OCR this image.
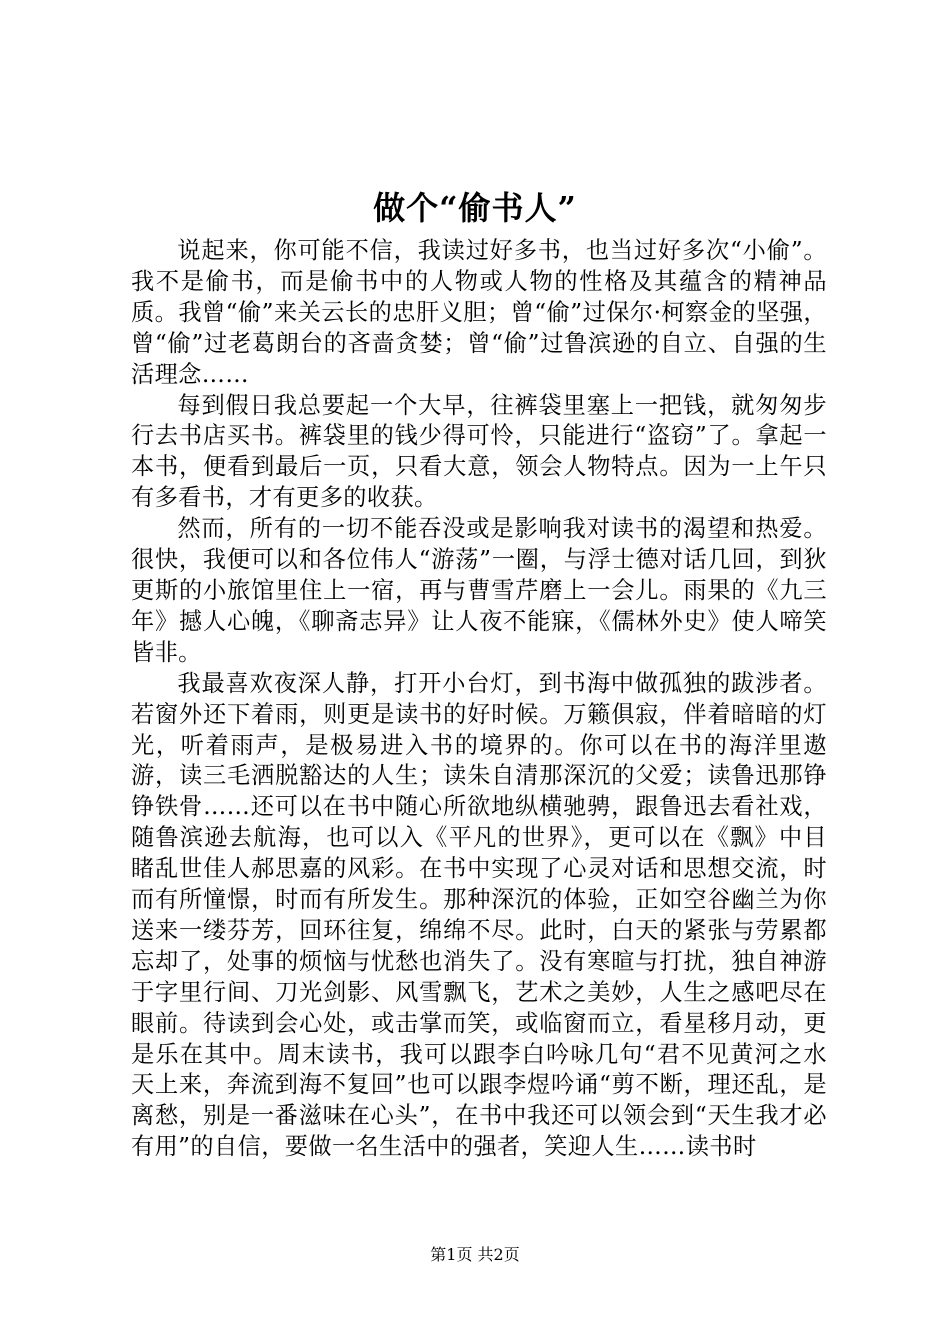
做个“偷书人”

说起来，你可能不信，我读过好多书，也当过好多次“小偷”。我不是偷书，而是偷书中的人物或人物的性格及其蕴含的精神品质。我曾“偷”来关云长的忠肝义胆；曾“偷”过保尔·柯察金的坚强，曾“偷”过老葛朗台的吝啬贪婪；曾“偷”过鲁滨逊的自立、自强的生活理念……

每到假日我总要起一个大早，往裤袋里塞上一把钱，就匆匆步行去书店买书。裤袋里的钱少得可怜，只能进行“盗窃”了。拿起一本书，便看到最后一页，只看大意，领会人物特点。因为一上午只有多看书，才有更多的收获。

然而，所有的一切不能吞没或是影响我对读书的渴望和热爱。很快，我便可以和各位伟人“游荡”一圈，与浮士德对话几回，到狄更斯的小旅馆里住上一宿，再与曹雪芹磨上一会儿。雨果的《九三年》撼人心魄，《聊斋志异》让人夜不能寐，《儒林外史》使人啼笑皆非。

我最喜欢夜深人静，打开小台灯，到书海中做孤独的跋涉者。若窗外还下着雨，则更是读书的好时候。万籁俱寂，伴着暗暗的灯光，听着雨声，是极易进入书的境界的。你可以在书的海洋里遨游，读三毛洒脱豁达的人生；读朱自清那深沉的父爱；读鲁迅那铮铮铁骨……还可以在书中随心所欲地纵横驰骋，跟鲁迅去看社戏，随鲁滨逊去航海，也可以入《平凡的世界》，更可以在《飘》中目睹乱世佳人郝思嘉的风彩。在书中实现了心灵对话和思想交流，时而有所憧憬，时而有所发生。那种深沉的体验，正如空谷幽兰为你送来一缕芬芳，回环往复，绵绵不尽。此时，白天的紧张与劳累都忘却了，处事的烦恼与忧愁也消失了。没有寒暄与打扰，独自神游于字里行间、刀光剑影、风雪飘飞，艺术之美妙，人生之感吧尽在眼前。待读到会心处，或击掌而笑，或临窗而立，看星移月动，更是乐在其中。周末读书，我可以跟李白吟咏几句“君不见黄河之水天上来，奔流到海不复回”也可以跟李煜吟诵“剪不断，理还乱，是离愁，别是一番滋味在心头”，在书中我还可以领会到“天生我才必有用”的自信，要做一名生活中的强者，笑迎人生……读书时

第1页 共2页
